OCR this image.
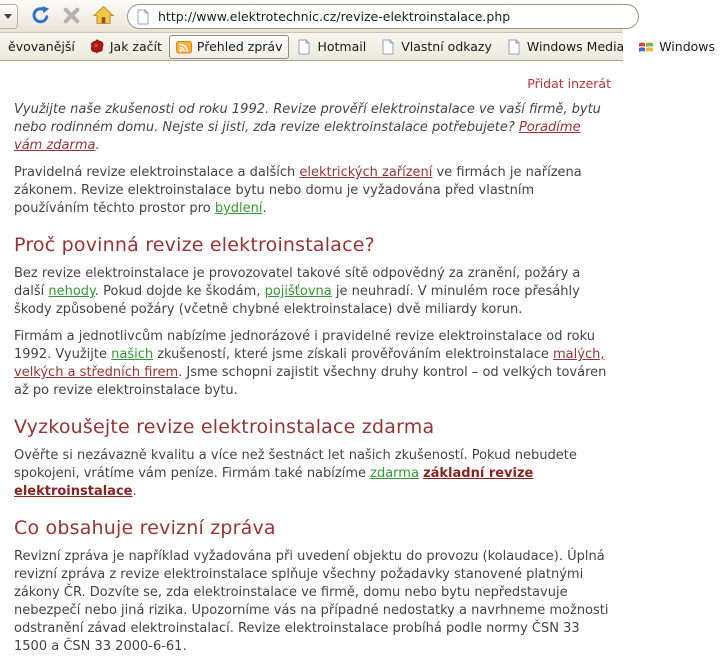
http://www.elektrotechnic.cz/revize-elektroinstalace.php
ěvovanější	Jak začít	Přehled zpráv	Hotmail	Vlastní odkazy	Windows Media	Windows
Přidat inzerát

Využijte naše zkušenosti od roku 1992. Revize prověří elektroinstalace ve vaší firmě, bytu nebo rodinném domu. Nejste si jisti, zda revize elektroinstalace potřebujete? Poradíme vám zdarma.

Pravidelná revize elektroinstalace a dalších elektrických zařízení ve firmách je nařízena zákonem. Revize elektroinstalace bytu nebo domu je vyžadována před vlastním používáním těchto prostor pro bydlení.

Proč povinná revize elektroinstalace?

Bez revize elektroinstalace je provozovatel takové sítě odpovědný za zranění, požáry a další nehody. Pokud dojde ke škodám, pojišťovna je neuhradí. V minulém roce přesáhly škody způsobené požáry (včetně chybné elektroinstalace) dvě miliardy korun.

Firmám a jednotlivcům nabízíme jednorázové i pravidelné revize elektroinstalace od roku 1992. Využijte našich zkušeností, které jsme získali prověřováním elektroinstalace malých, velkých a středních firem. Jsme schopni zajistit všechny druhy kontrol – od velkých továren až po revize elektroinstalace bytu.

Vyzkoušejte revize elektroinstalace zdarma

Ověřte si nezávazně kvalitu a více než šestnáct let našich zkušeností. Pokud nebudete spokojeni, vrátíme vám peníze. Firmám také nabízíme zdarma základní revize elektroinstalace.

Co obsahuje revizní zpráva

Revizní zpráva je například vyžadována při uvedení objektu do provozu (kolaudace). Úplná revizní zpráva z revize elektroinstalace splňuje všechny požadavky stanovené platnými zákony ČR. Dozvíte se, zda elektroinstalace ve firmě, domu nebo bytu nepředstavuje nebezpečí nebo jiná rizika. Upozorníme vás na případné nedostatky a navrhneme možnosti odstranění závad elektroinstalací. Revize elektroinstalace probíhá podle normy ČSN 33 1500 a ČSN 33 2000-6-61.
